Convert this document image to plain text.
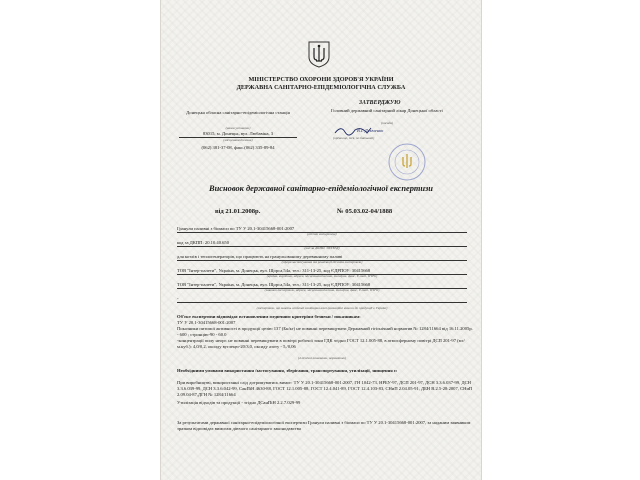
МІНІСТЕРСТВО ОХОРОНИ ЗДОРОВ'Я УКРАЇНИ
ДЕРЖАВНА САНІТАРНО-ЕПІДЕМІОЛОГІЧНА СЛУЖБА
Донецька обласна санітарно-епідеміологічна станція
(назва установи)
83015, м. Донецьк, вул. Любавіна, 3
(місцезнаходження)
(062) 381-37-08, факс.(062) 335-89-84
ЗАТВЕРДЖУЮ
Головний державний санітарний лікар Донецької області
(посада)
В.І. Демченко
(прізвище, ім'я, по батькові)
Висновок державної санітарно-епідеміологічної експертизи
від 21.01.2008р.	№ 05.03.02-04/1888
Гранули паливні з біомаси по ТУ У 20.1-30415668-001:2007
(об'єкт експертизи)
код за ДКПП: 20.10.40.650
(код за ДКПП, УКТЗЕД)
для котлів і теплогенераторів, що працюють на гранульованому деревинному паливі
(сфера застосування та реалізації об'єкта експертизи)
ТОВ "Інтер-палети", Україна, м. Донецьк, вул. Щорса,54а, тел.: 311-13-25, код ЄДРПОУ: 30415668
(країна, виробник, адреса, місцезнаходження, телефон, факс, E-mail, WWW)
ТОВ "Інтер-палети", Україна, м. Донецьк, вул. Щорса,54а, тел.: 311-13-25, код ЄДРПОУ: 30415668
(заявник експертизи, адреса, місцезнаходження, телефон, факс, E-mail, WWW)
-
(експертизи, що мають особливі санітарно-експлуатаційні вимоги до продукції в Україні)
Об'єкт експертизи відповідає встановленим медичним критеріям безпеки / показникам:
ТУ У 20.1-30415668-001:2007
Показники питомої активності в продукції цезію 137 (Бк/кг) не повинні перевищувати Державний гігієнічний норматив № 1284/11664 від 16.11.2005р. - 600 ; стронцію-90 - 60.0
-концентрації пилу неорг. не повинні перевищувати в повітрі робочої зони ГДК згідно ГОСТ 12.1.005-88, в атмосферному повітрі ДСП 201-97 (мг/м.куб.): 4,0/0,2, оксиду вуглецю-20/3,0, оксиду азоту - 5,/0,06
(гігієнічні показники, нормативи)
Необхідними умовами використання /застосування, зберігання, транспортування, утилізації, знищення є:
При виробництві, використанні слід дотримуватись вимог: ТУ У 20.1-30415668-001:2007, ГН 1042-73, НРБУ-97, ДСП 201-97, ДСН 3.3.6.037-99, ДСН 3.3.6.039-99, ДСН 3.3.6.042-99, СанПіН 4630-88, ГОСТ 12.1.005-88, ГОСТ 12.4.041-89, ГОСТ 12.4.103-83, СНиП 2.04.05-91, ДБН В.2.5-28:2007, СНиП 2.09.04-87,ДГН № 1284/11664
Утилізація відходів та продукції - згідно ДСанПіН 2.2.7.029-99
За результатами державної санітарно-епідеміологічної експертизи Гранули паливні з біомаси по ТУ У 20.1-30415668-001:2007, за наданим заявником зразком відповідає вимогам діючого санітарного законодавства
